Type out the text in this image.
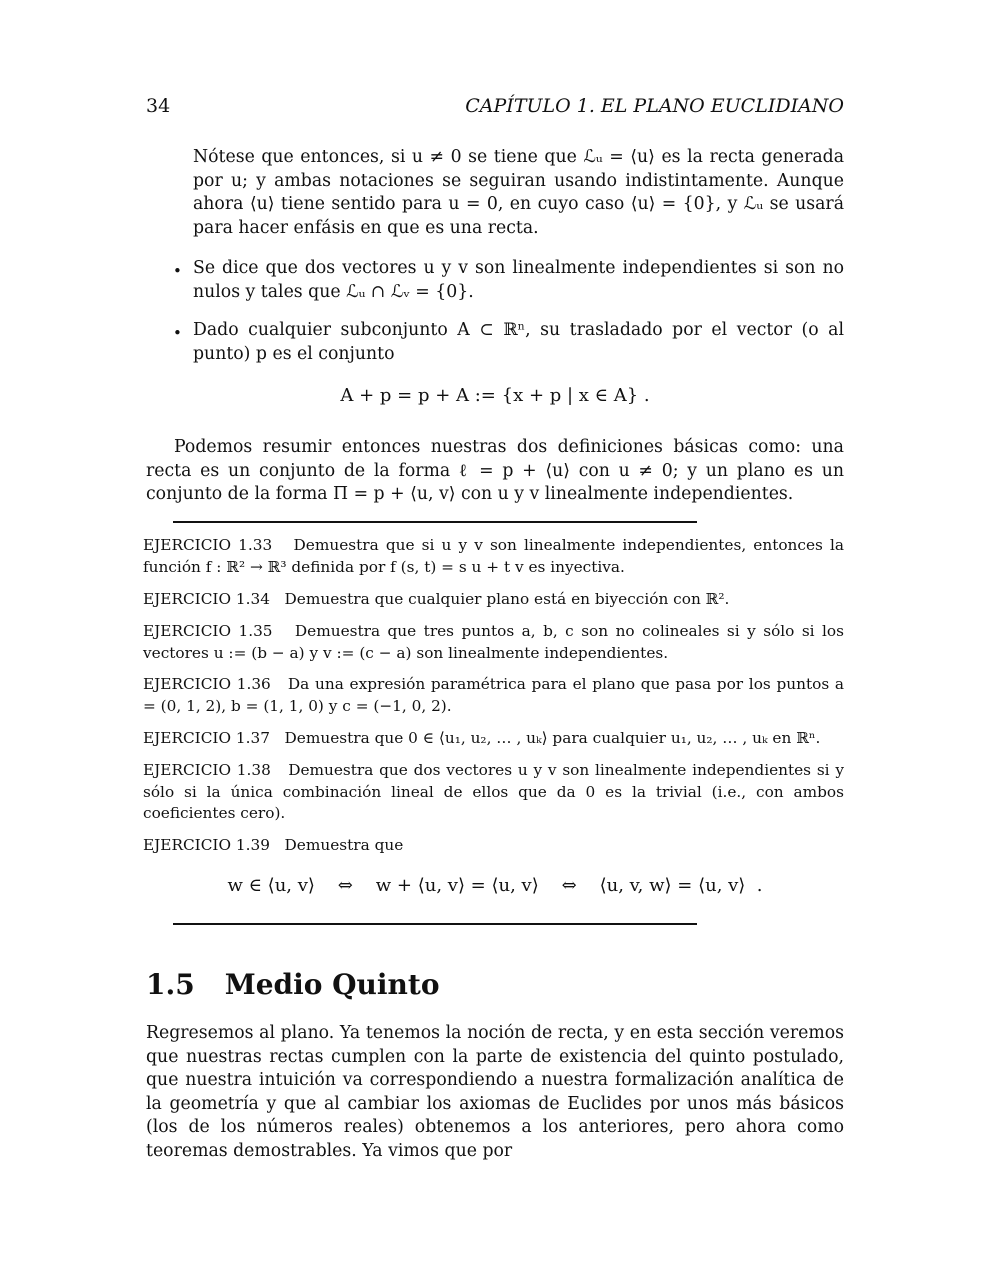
34	CAPÍTULO 1. EL PLANO EUCLIDIANO

Nótese que entonces, si u ≠ 0 se tiene que ℒᵤ = ⟨u⟩ es la recta generada por u; y ambas notaciones se seguiran usando indistintamente. Aunque ahora ⟨u⟩ tiene sentido para u = 0, en cuyo caso ⟨u⟩ = {0}, y ℒᵤ se usará para hacer enfásis en que es una recta.

• Se dice que dos vectores u y v son linealmente independientes si son no nulos y tales que ℒᵤ ∩ ℒᵥ = {0}.

• Dado cualquier subconjunto A ⊂ ℝⁿ, su trasladado por el vector (o al punto) p es el conjunto

A + p = p + A := {x + p | x ∈ A} .

Podemos resumir entonces nuestras dos definiciones básicas como: una recta es un conjunto de la forma ℓ = p + ⟨u⟩ con u ≠ 0; y un plano es un conjunto de la forma Π = p + ⟨u, v⟩ con u y v linealmente independientes.

EJERCICIO 1.33 Demuestra que si u y v son linealmente independientes, entonces la función f : ℝ² → ℝ³ definida por f (s, t) = s u + t v es inyectiva.
EJERCICIO 1.34 Demuestra que cualquier plano está en biyección con ℝ².
EJERCICIO 1.35 Demuestra que tres puntos a, b, c son no colineales si y sólo si los vectores u := (b − a) y v := (c − a) son linealmente independientes.
EJERCICIO 1.36 Da una expresión paramétrica para el plano que pasa por los puntos a = (0, 1, 2), b = (1, 1, 0) y c = (−1, 0, 2).
EJERCICIO 1.37 Demuestra que 0 ∈ ⟨u₁, u₂, … , uₖ⟩ para cualquier u₁, u₂, … , uₖ en ℝⁿ.
EJERCICIO 1.38 Demuestra que dos vectores u y v son linealmente independientes si y sólo si la única combinación lineal de ellos que da 0 es la trivial (i.e., con ambos coeficientes cero).
EJERCICIO 1.39 Demuestra que
w ∈ ⟨u, v⟩    ⇔    w + ⟨u, v⟩ = ⟨u, v⟩    ⇔    ⟨u, v, w⟩ = ⟨u, v⟩  .
1.5 Medio Quinto

Regresemos al plano. Ya tenemos la noción de recta, y en esta sección veremos que nuestras rectas cumplen con la parte de existencia del quinto postulado, que nuestra intuición va correspondiendo a nuestra formalización analítica de la geometría y que al cambiar los axiomas de Euclides por unos más básicos (los de los números reales) obtenemos a los anteriores, pero ahora como teoremas demostrables. Ya vimos que por
